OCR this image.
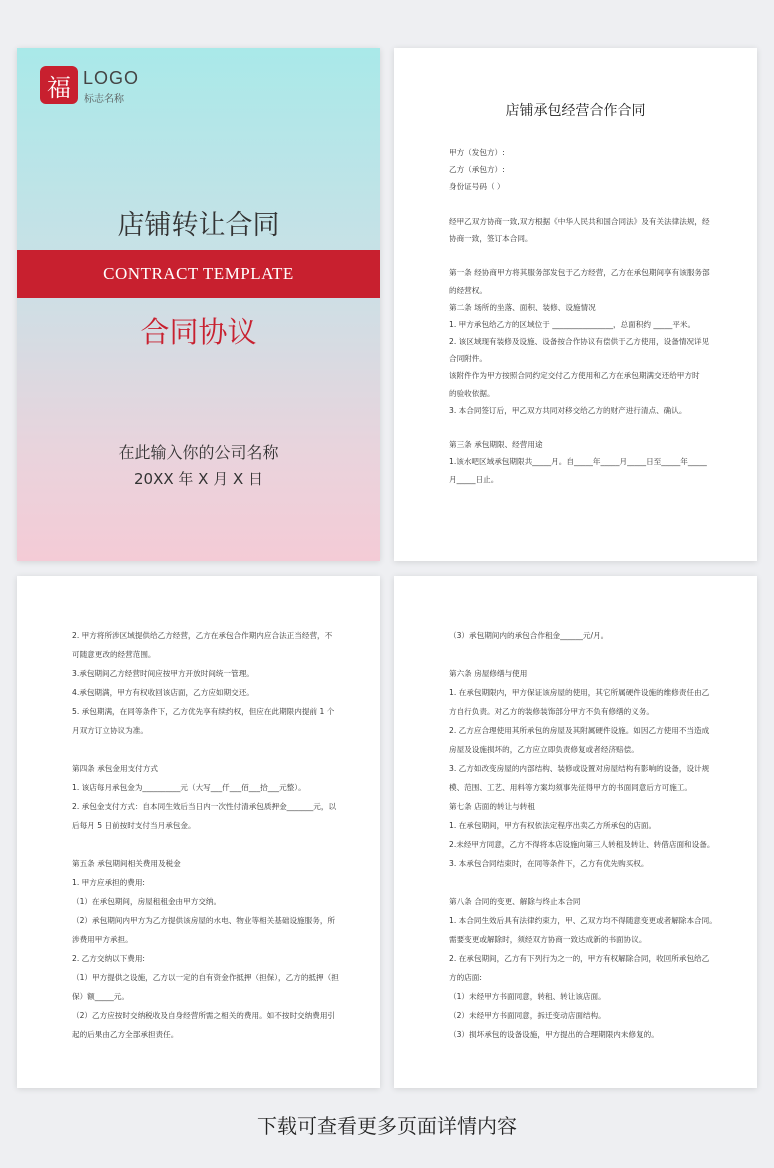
福 LOGO
标志名称
店铺转让合同
CONTRACT TEMPLATE
合同协议
在此输入你的公司名称
20XX 年 X 月 X 日
店铺承包经营合作合同
甲方（发包方）:
乙方（承包方）:
身份证号码（ ）
经甲乙双方协商一致,双方根据《中华人民共和国合同法》及有关法律法规，经
协商一致，签订本合同。
第一条 经协商甲方将其服务部发包于乙方经营，乙方在承包期间享有该服务部
的经营权。
第二条 场所的坐落、面积、装修、设施情况
1. 甲方承包给乙方的区域位于 ________________，总面积约 _____平米。
2. 该区域现有装修及设施、设备按合作协议有偿供于乙方使用，设备情况详见
合同附件。
该附件作为甲方按照合同约定交付乙方使用和乙方在承包期满交还给甲方时
的验收依据。
3. 本合同签订后，甲乙双方共同对移交给乙方的财产进行清点、确认。
第三条 承包期限、经营用途
1.该水吧区域承包期限共_____月。自_____年_____月_____日至_____年_____
月_____日止。
2. 甲方将所涉区域提供给乙方经营，乙方在承包合作期内应合法正当经营，不
可随意更改的经营范围。
3.承包期间乙方经营时间应按甲方开放时间统一管理。
4.承包期满，甲方有权收回该店面，乙方应如期交还。
5. 承包期满，在同等条件下，乙方优先享有续约权，但应在此期限内提前 1 个
月双方订立协议为准。
第四条 承包金用支付方式
1. 该店每月承包金为__________元（大写___仟___佰___拾___元整）。
2. 承包金支付方式：自本同生效后当日内一次性付清承包质押金_______元，以
后每月 5 日前按时支付当月承包金。
第五条 承包期间相关费用及税金
1. 甲方应承担的费用:
（1）在承包期间，房屋租租金由甲方交纳。
（2）承包期间内甲方为乙方提供该房屋的水电、物业等相关基础设施服务，所
涉费用甲方承担。
2. 乙方交纳以下费用:
（1）甲方提供之设施，乙方以一定的自有资金作抵押（担保），乙方的抵押（担
保）额_____元。
（2）乙方应按时交纳税收及自身经营所需之相关的费用。如不按时交纳费用引
起的后果由乙方全部承担责任。
（3）承包期间内的承包合作租金______元/月。
第六条 房屋修缮与使用
1. 在承包期限内，甲方保证该房屋的使用，其它所属硬件设施的维修责任由乙
方自行负责。对乙方的装修装饰部分甲方不负有修缮的义务。
2. 乙方应合理使用其所承包的房屋及其附属硬件设施。如因乙方使用不当造成
房屋及设施损坏的，乙方应立即负责修复或者经济赔偿。
3. 乙方如改变房屋的内部结构、装修或设置对房屋结构有影响的设备，设计规
模、范围、工艺、用料等方案均须事先征得甲方的书面同意后方可施工。
第七条 店面的转让与转租
1. 在承包期间，甲方有权依法定程序出卖乙方所承包的店面。
2.未经甲方同意，乙方不得将本店设施向第三人转租及转让、转借店面和设备。
3. 本承包合同结束时，在同等条件下，乙方有优先购买权。
第八条 合同的变更、解除与终止本合同
1. 本合同生效后具有法律约束力，甲、乙双方均不得随意变更或者解除本合同。
需要变更或解除时，须经双方协商一致达成新的书面协议。
2. 在承包期间，乙方有下列行为之一的，甲方有权解除合同，收回所承包给乙
方的店面:
（1）未经甲方书面同意，转租、转让该店面。
（2）未经甲方书面同意，拆迁变动店面结构。
（3）损坏承包的设备设施，甲方提出的合理期限内未修复的。
下载可查看更多页面详情内容
